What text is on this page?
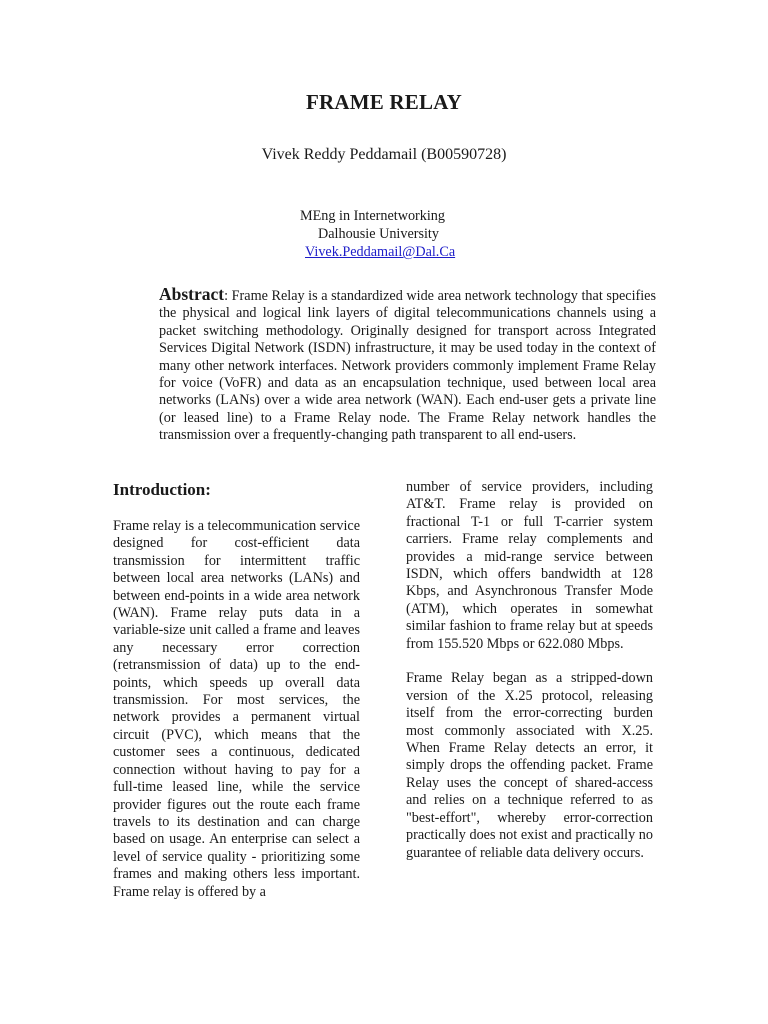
FRAME RELAY
Vivek Reddy Peddamail (B00590728)
MEng in Internetworking
Dalhousie University
Vivek.Peddamail@Dal.Ca
Abstract: Frame Relay is a standardized wide area network technology that specifies the physical and logical link layers of digital telecommunications channels using a packet switching methodology. Originally designed for transport across Integrated Services Digital Network (ISDN) infrastructure, it may be used today in the context of many other network interfaces. Network providers commonly implement Frame Relay for voice (VoFR) and data as an encapsulation technique, used between local area networks (LANs) over a wide area network (WAN). Each end-user gets a private line (or leased line) to a Frame Relay node. The Frame Relay network handles the transmission over a frequently-changing path transparent to all end-users.
Introduction:

Frame relay is a telecommunication service designed for cost-efficient data transmission for intermittent traffic between local area networks (LANs) and between end-points in a wide area network (WAN). Frame relay puts data in a variable-size unit called a frame and leaves any necessary error correction (retransmission of data) up to the end-points, which speeds up overall data transmission. For most services, the network provides a permanent virtual circuit (PVC), which means that the customer sees a continuous, dedicated connection without having to pay for a full-time leased line, while the service provider figures out the route each frame travels to its destination and can charge based on usage. An enterprise can select a level of service quality - prioritizing some frames and making others less important. Frame relay is offered by a

number of service providers, including AT&T. Frame relay is provided on fractional T-1 or full T-carrier system carriers. Frame relay complements and provides a mid-range service between ISDN, which offers bandwidth at 128 Kbps, and Asynchronous Transfer Mode (ATM), which operates in somewhat similar fashion to frame relay but at speeds from 155.520 Mbps or 622.080 Mbps.

Frame Relay began as a stripped-down version of the X.25 protocol, releasing itself from the error-correcting burden most commonly associated with X.25. When Frame Relay detects an error, it simply drops the offending packet. Frame Relay uses the concept of shared-access and relies on a technique referred to as "best-effort", whereby error-correction practically does not exist and practically no guarantee of reliable data delivery occurs.
